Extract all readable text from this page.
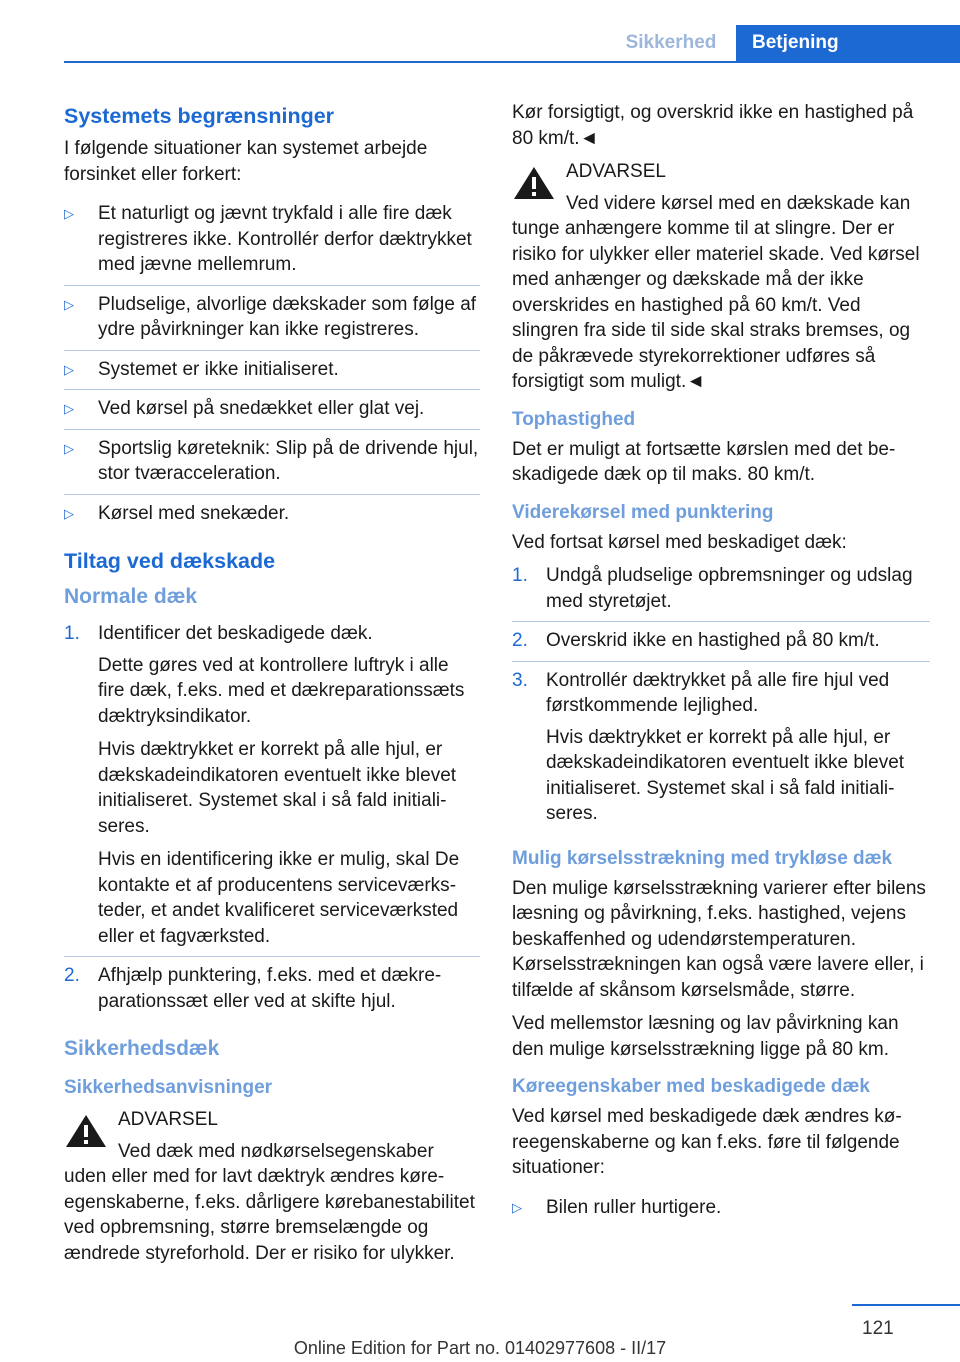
Sikkerhed	Betjening
Systemets begrænsninger

I følgende situationer kan systemet arbejde forsinket eller forkert:

▷	Et naturligt og jævnt trykfald i alle fire dæk registreres ikke. Kontrollér derfor dæktrykket med jævne mellemrum.
▷	Pludselige, alvorlige dækskader som følge af ydre påvirkninger kan ikke registreres.
▷	Systemet er ikke initialiseret.
▷	Ved kørsel på snedækket eller glat vej.
▷	Sportslig køreteknik: Slip på de drivende hjul, stor tværacceleration.
▷	Kørsel med snekæder.
Tiltag ved dækskade
Normale dæk
1. Identificer det beskadigede dæk.

Dette gøres ved at kontrollere luftryk i alle fire dæk, f.eks. med et dækreparationssæts dæktryksindikator.

Hvis dæktrykket er korrekt på alle hjul, er dækskadeindikatoren eventuelt ikke blevet initialiseret. Systemet skal i så fald initialiseres.

Hvis en identificering ikke er mulig, skal De kontakte et af producentens serviceværksteder, et andet kvalificeret serviceværksted eller et fagværksted.

2. Afhjælp punktering, f.eks. med et dækreparationssæt eller ved at skifte hjul.
Sikkerhedsdæk
Sikkerhedsanvisninger
ADVARSEL
Ved dæk med nødkørselsegenskaber uden eller med for lavt dæktryk ændres køreegenskaberne, f.eks. dårligere kørebanestabilitet ved opbremsning, større bremselængde og ændrede styreforhold. Der er risiko for ulykker.

Kør forsigtigt, og overskrid ikke en hastighed på 80 km/t.◄

ADVARSEL
Ved videre kørsel med en dækskade kan tunge anhængere komme til at slingre. Der er risiko for ulykker eller materiel skade. Ved kørsel med anhænger og dækskade må der ikke overskrides en hastighed på 60 km/t. Ved slingren fra side til side skal straks bremses, og de påkrævede styrekorrektioner udføres så forsigtigt som muligt.◄
Tophastighed

Det er muligt at fortsætte kørslen med det beskadigede dæk op til maks. 80 km/t.

Viderekørsel med punktering

Ved fortsat kørsel med beskadiget dæk:

1. Undgå pludselige opbremsninger og udslag med styretøjet.
2. Overskrid ikke en hastighed på 80 km/t.
3. Kontrollér dæktrykket på alle fire hjul ved førstkommende lejlighed.

Hvis dæktrykket er korrekt på alle hjul, er dækskadeindikatoren eventuelt ikke blevet initialiseret. Systemet skal i så fald initialiseres.

Mulig kørselsstrækning med trykløse dæk

Den mulige kørselsstrækning varierer efter bilens læsning og påvirkning, f.eks. hastighed, vejens beskaffenhed og udendørstemperaturen. Kørselsstrækningen kan også være lavere eller, i tilfælde af skånsom kørselsmåde, større.

Ved mellemstor læsning og lav påvirkning kan den mulige kørselsstrækning ligge på 80 km.

Køreegenskaber med beskadigede dæk

Ved kørsel med beskadigede dæk ændres køreegenskaberne og kan f.eks. føre til følgende situationer:

▷	Bilen ruller hurtigere.
121
Online Edition for Part no. 01402977608 - II/17
